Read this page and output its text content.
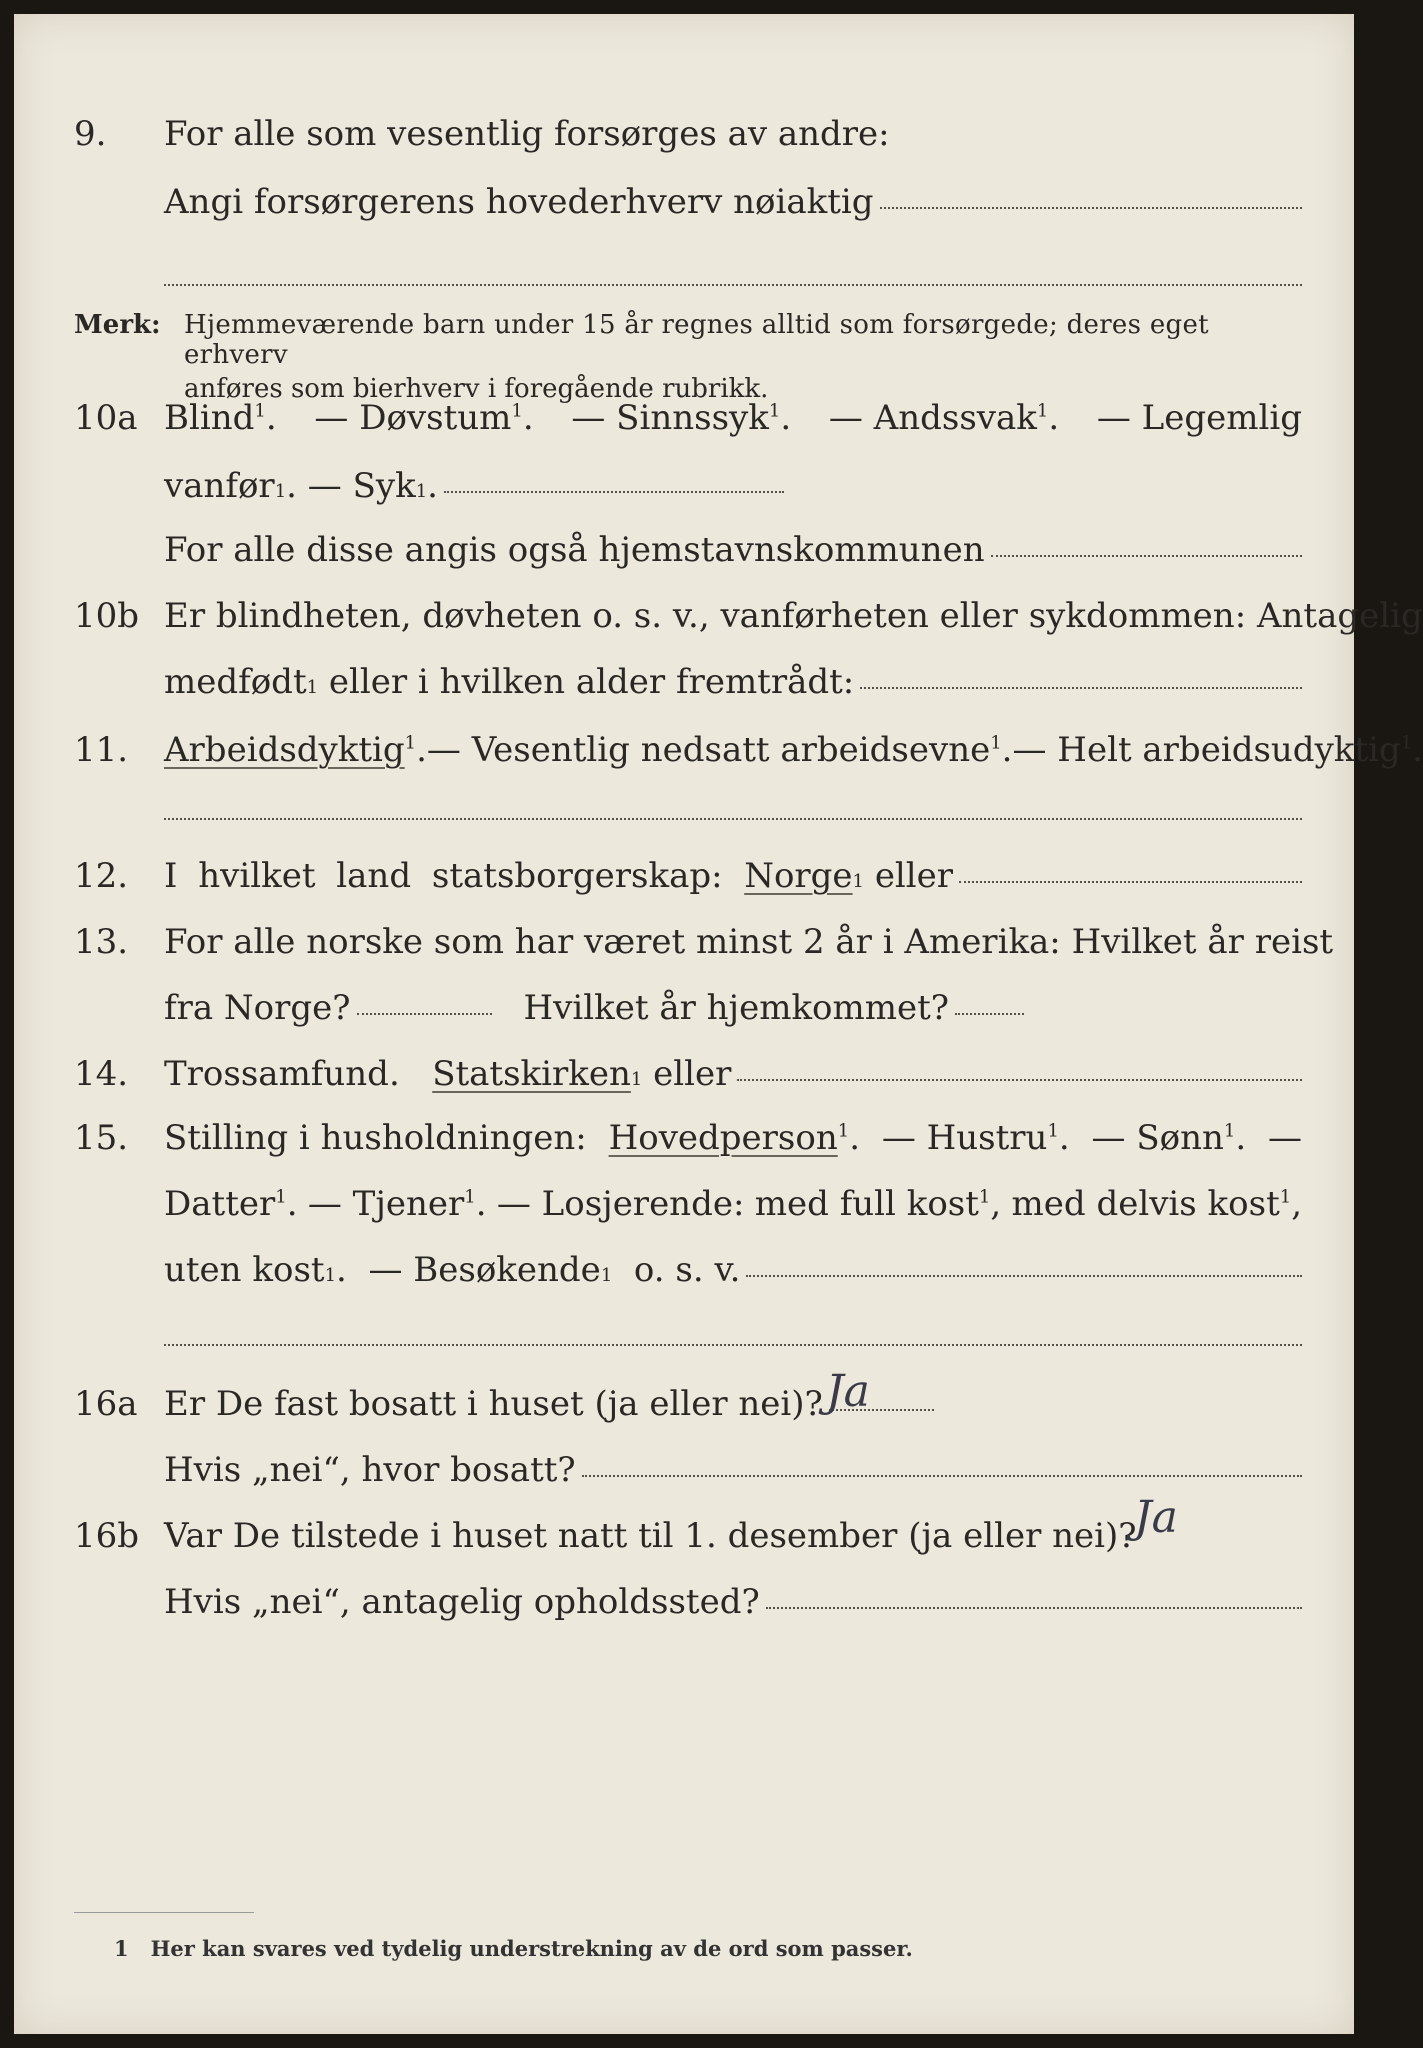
9. For alle som vesentlig forsørges av andre:
Angi forsørgerens hovederhverv nøiaktig
Merk: Hjemmeværende barn under 15 år regnes alltid som forsørgede; deres eget erhverv
anføres som bierhverv i foregående rubrikk.
10a Blind$^1$. — Døvstum$^1$. — Sinnssyk$^1$. — Andssvak$^1$. — Legemlig
vanfør 1 . — Syk 1 .
For alle disse angis også hjemstavnskommunen
10b Er blindheten, døvheten o. s. v., vanførheten eller sykdommen: Antagelig
medfødt 1
eller i hvilken alder fremtrådt:
11. Arbeidsdyktig$^1$. — Vesentlig nedsatt arbeidsevne$^1$. — Helt arbeidsudyktig$^1$.
12. I hvilket land statsborgerskap:
Norge 1
eller
13. For alle norske som har været minst 2 år i Amerika: Hvilket år reist
fra Norge?	Hvilket år hjemkommet?
14. Trossamfund.
Statskirken 1
eller
15. Stilling i husholdningen: Hovedperson$^1$. — Hustru$^1$. — Sønn$^1$. —
Datter$^1$. — Tjener$^1$. — Losjerende: med full kost$^1$, med delvis kost$^1$,
uten kost 1 . — Besøkende 1
o. s. v.
16a Er De fast bosatt i huset (ja eller nei)? Ja
Hvis „nei“, hvor bosatt?
16b Var De tilstede i huset natt til 1. desember (ja eller nei)?
Ja
Hvis „nei“, antagelig opholdssted?
1 Her kan svares ved tydelig understrekning av de ord som passer.
